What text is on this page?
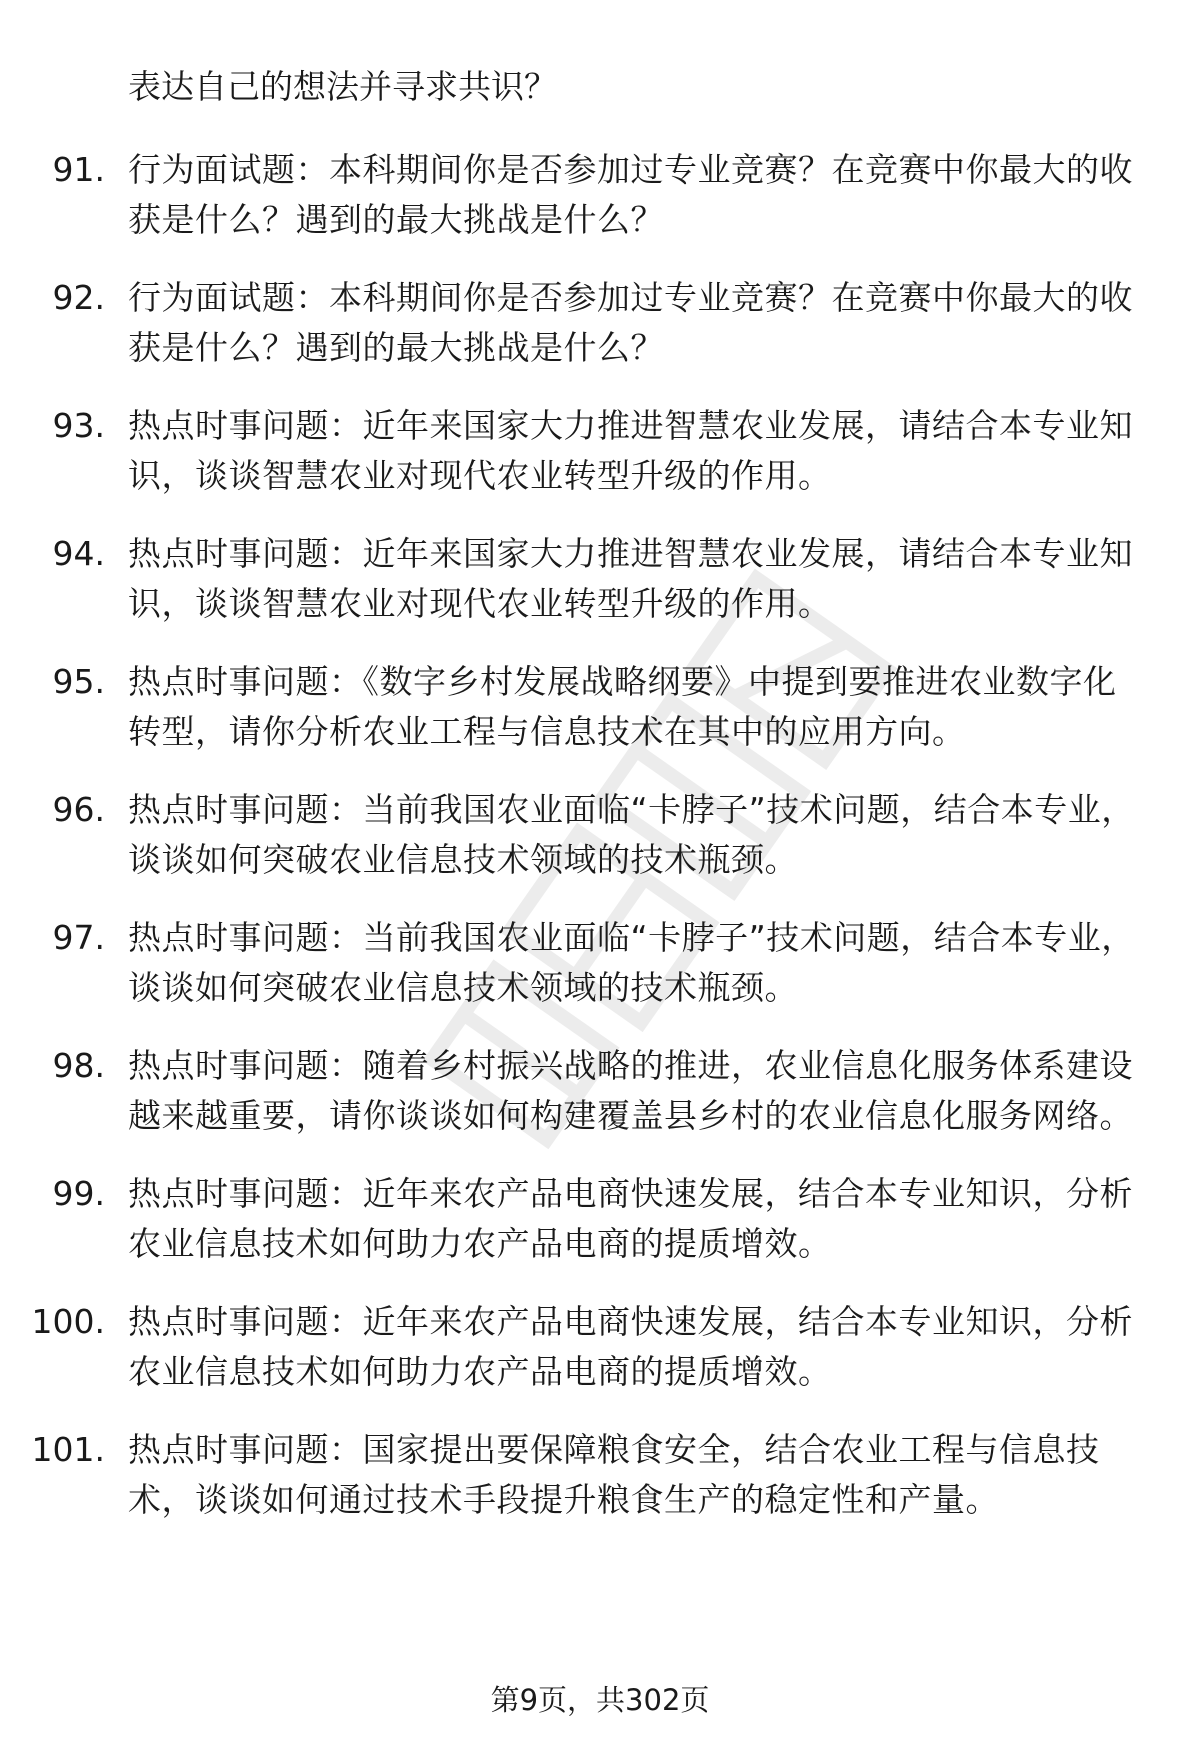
表达自己的想法并寻求共识？

91. 行为面试题：本科期间你是否参加过专业竞赛？在竞赛中你最大的收获是什么？遇到的最大挑战是什么？
92. 行为面试题：本科期间你是否参加过专业竞赛？在竞赛中你最大的收获是什么？遇到的最大挑战是什么？
93. 热点时事问题：近年来国家大力推进智慧农业发展，请结合本专业知识，谈谈智慧农业对现代农业转型升级的作用。
94. 热点时事问题：近年来国家大力推进智慧农业发展，请结合本专业知识，谈谈智慧农业对现代农业转型升级的作用。
95. 热点时事问题：《数字乡村发展战略纲要》中提到要推进农业数字化转型，请你分析农业工程与信息技术在其中的应用方向。
96. 热点时事问题：当前我国农业面临“卡脖子”技术问题，结合本专业，谈谈如何突破农业信息技术领域的技术瓶颈。
97. 热点时事问题：当前我国农业面临“卡脖子”技术问题，结合本专业，谈谈如何突破农业信息技术领域的技术瓶颈。
98. 热点时事问题：随着乡村振兴战略的推进，农业信息化服务体系建设越来越重要，请你谈谈如何构建覆盖县乡村的农业信息化服务网络。
99. 热点时事问题：近年来农产品电商快速发展，结合本专业知识，分析农业信息技术如何助力农产品电商的提质增效。
100. 热点时事问题：近年来农产品电商快速发展，结合本专业知识，分析农业信息技术如何助力农产品电商的提质增效。
101. 热点时事问题：国家提出要保障粮食安全，结合农业工程与信息技术，谈谈如何通过技术手段提升粮食生产的稳定性和产量。
第9页，共302页
